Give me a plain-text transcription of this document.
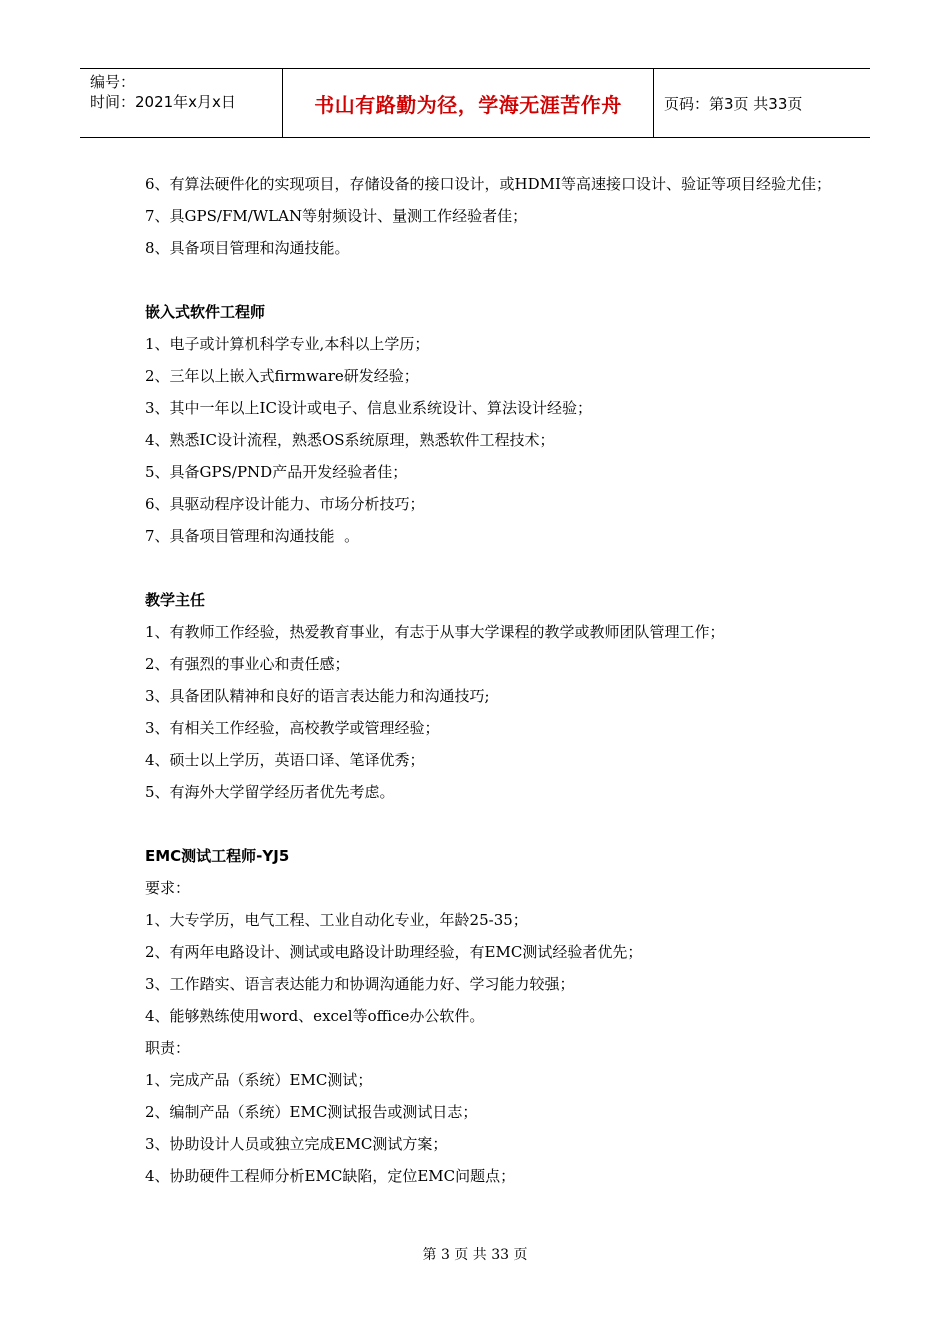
编号：
时间：2021年x月x日	书山有路勤为径，学海无涯苦作舟	页码：第3页 共33页
6、有算法硬件化的实现项目，存储设备的接口设计，或HDMI等高速接口设计、验证等项目经验尤佳；
7、具GPS/FM/WLAN等射频设计、量测工作经验者佳；
8、具备项目管理和沟通技能。
嵌入式软件工程师
1、电子或计算机科学专业,本科以上学历；
2、三年以上嵌入式firmware研发经验；
3、其中一年以上IC设计或电子、信息业系统设计、算法设计经验；
4、熟悉IC设计流程，熟悉OS系统原理，熟悉软件工程技术；
5、具备GPS/PND产品开发经验者佳；
6、具驱动程序设计能力、市场分析技巧；
7、具备项目管理和沟通技能  。
教学主任
1、有教师工作经验，热爱教育事业，有志于从事大学课程的教学或教师团队管理工作；
2、有强烈的事业心和责任感；
3、具备团队精神和良好的语言表达能力和沟通技巧;
3、有相关工作经验，高校教学或管理经验；
4、硕士以上学历，英语口译、笔译优秀；
5、有海外大学留学经历者优先考虑。
EMC测试工程师-YJ5
要求：
1、大专学历，电气工程、工业自动化专业，年龄25-35；
2、有两年电路设计、测试或电路设计助理经验，有EMC测试经验者优先；
3、工作踏实、语言表达能力和协调沟通能力好、学习能力较强；
4、能够熟练使用word、excel等office办公软件。
职责：
1、完成产品（系统）EMC测试；
2、编制产品（系统）EMC测试报告或测试日志；
3、协助设计人员或独立完成EMC测试方案；
4、协助硬件工程师分析EMC缺陷，定位EMC问题点；
第 3 页 共 33 页
